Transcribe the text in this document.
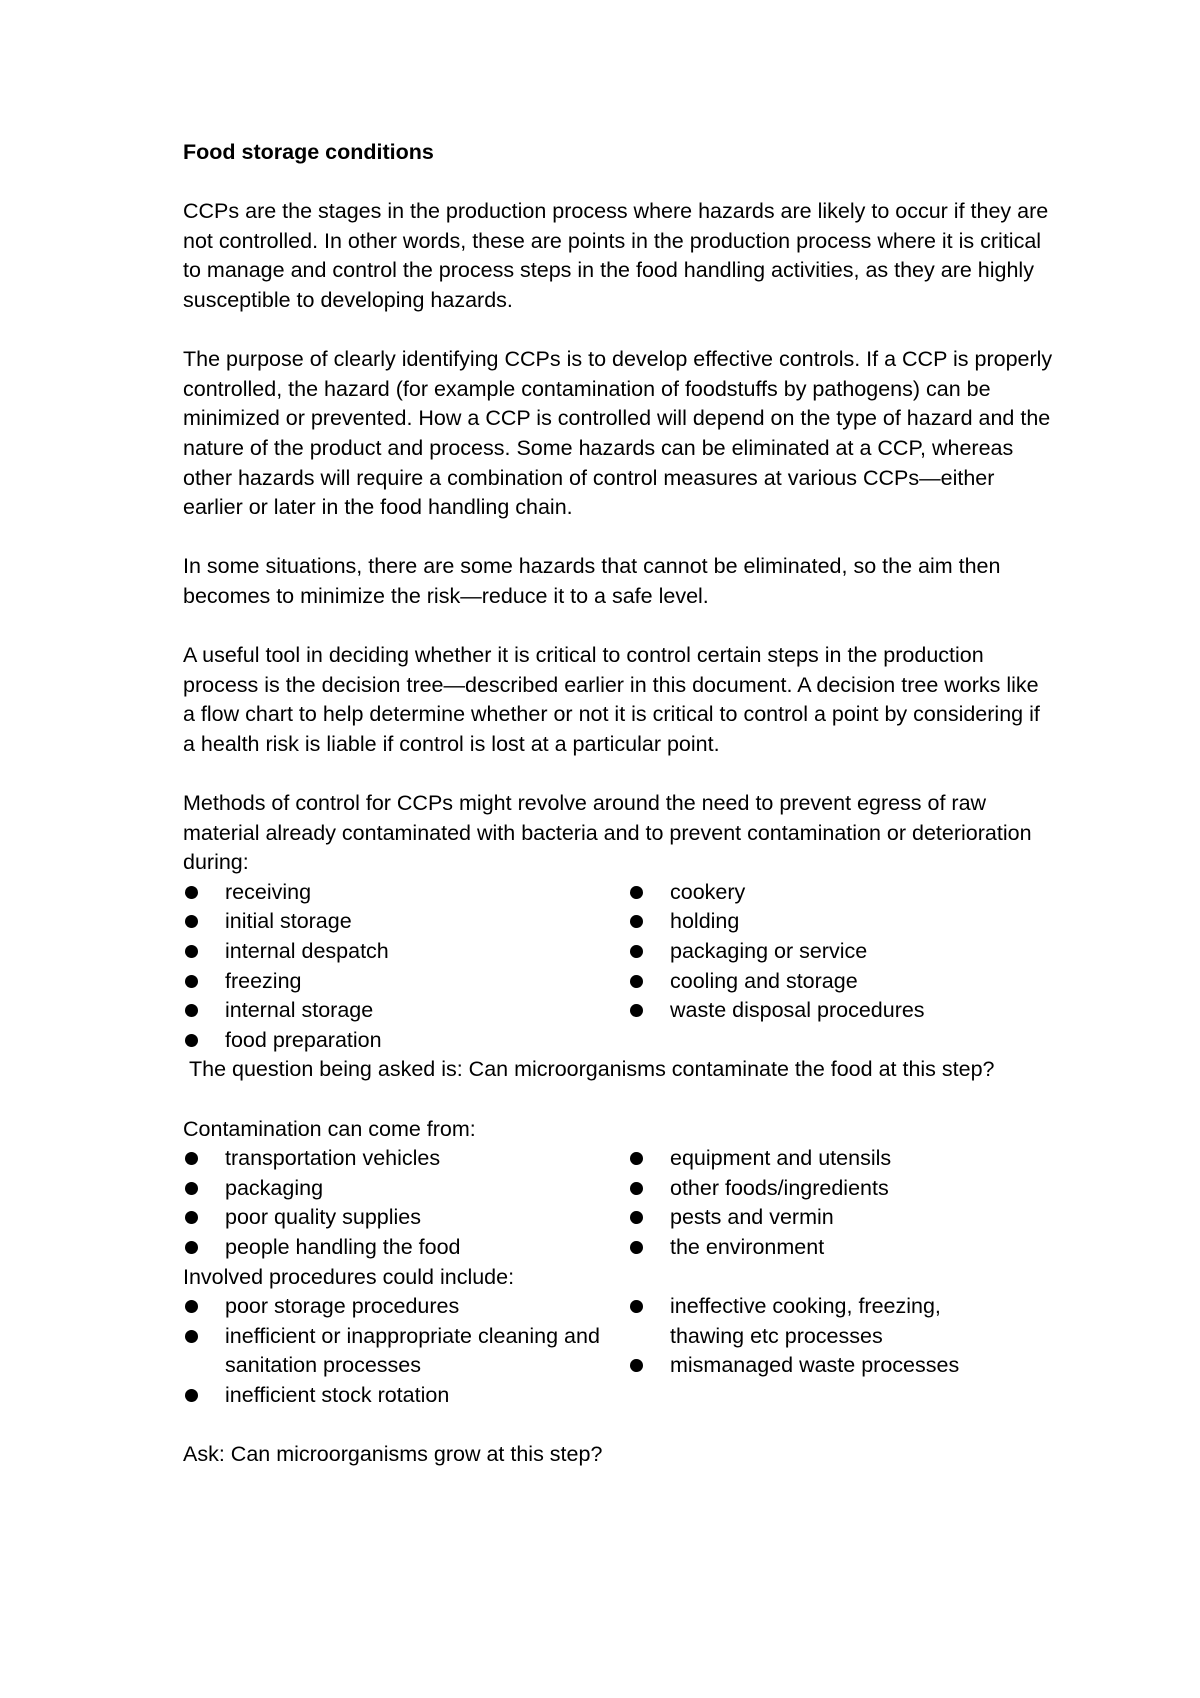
Food storage conditions

CCPs are the stages in the production process where hazards are likely to occur if they are not controlled. In other words, these are points in the production process where it is critical to manage and control the process steps in the food handling activities, as they are highly susceptible to developing hazards.

The purpose of clearly identifying CCPs is to develop effective controls. If a CCP is properly controlled, the hazard (for example contamination of foodstuffs by pathogens) can be minimized or prevented. How a CCP is controlled will depend on the type of hazard and the nature of the product and process. Some hazards can be eliminated at a CCP, whereas other hazards will require a combination of control measures at various CCPs—either earlier or later in the food handling chain.

In some situations, there are some hazards that cannot be eliminated, so the aim then becomes to minimize the risk—reduce it to a safe level.

A useful tool in deciding whether it is critical to control certain steps in the production process is the decision tree—described earlier in this document. A decision tree works like a flow chart to help determine whether or not it is critical to control a point by considering if a health risk is liable if control is lost at a particular point.

Methods of control for CCPs might revolve around the need to prevent egress of raw material already contaminated with bacteria and to prevent contamination or deterioration during:

receiving
initial storage
internal despatch
freezing
internal storage
food preparation
cookery
holding
packaging or service
cooling and storage
waste disposal procedures

The question being asked is: Can microorganisms contaminate the food at this step?

Contamination can come from:

transportation vehicles
packaging
poor quality supplies
people handling the food
equipment and utensils
other foods/ingredients
pests and vermin
the environment

Involved procedures could include:

poor storage procedures
inefficient or inappropriate cleaning and sanitation processes
inefficient stock rotation
ineffective cooking, freezing, thawing etc processes
mismanaged waste processes

Ask: Can microorganisms grow at this step?
